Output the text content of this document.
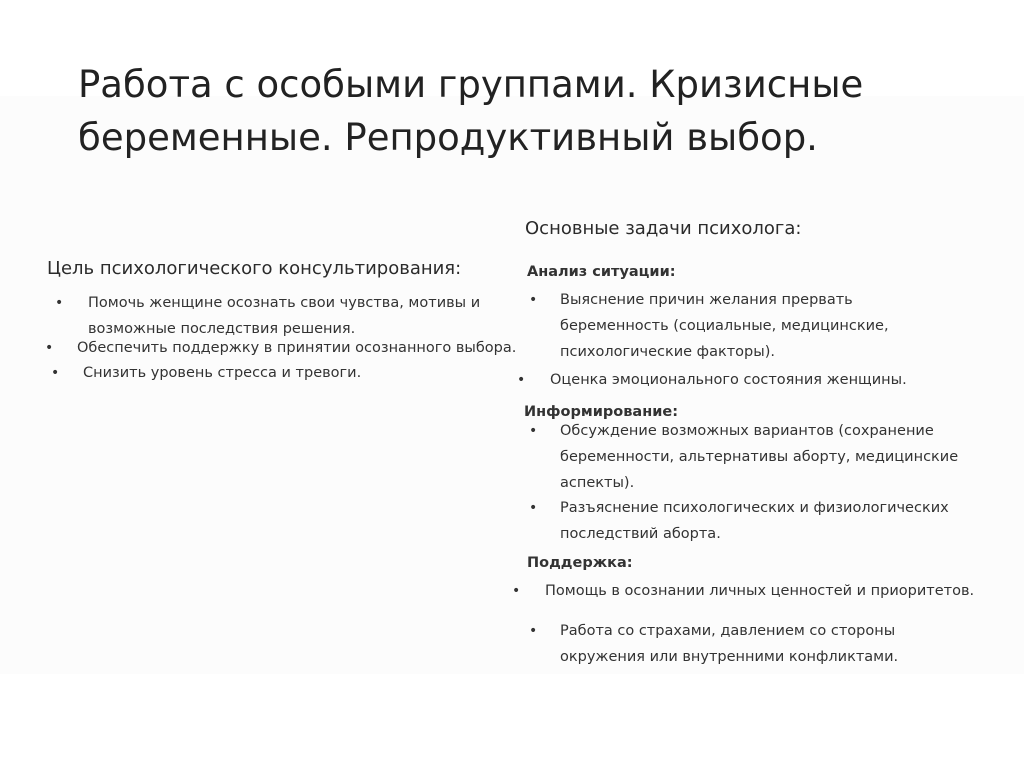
Работа с особыми группами. Кризисные беременные. Репродуктивный выбор.

Цель психологического консультирования:

• Помочь женщине осознать свои чувства, мотивы и возможные последствия решения.
• Обеспечить поддержку в принятии осознанного выбора.
• Снизить уровень стресса и тревоги.

Основные задачи психолога:

Анализ ситуации:

• Выяснение причин желания прервать беременность (социальные, медицинские, психологические факторы).
• Оценка эмоционального состояния женщины.

Информирование:

• Обсуждение возможных вариантов (сохранение беременности, альтернативы аборту, медицинские аспекты).
• Разъяснение психологических и физиологических последствий аборта.

Поддержка:

• Помощь в осознании личных ценностей и приоритетов.
• Работа со страхами, давлением со стороны окружения или внутренними конфликтами.
